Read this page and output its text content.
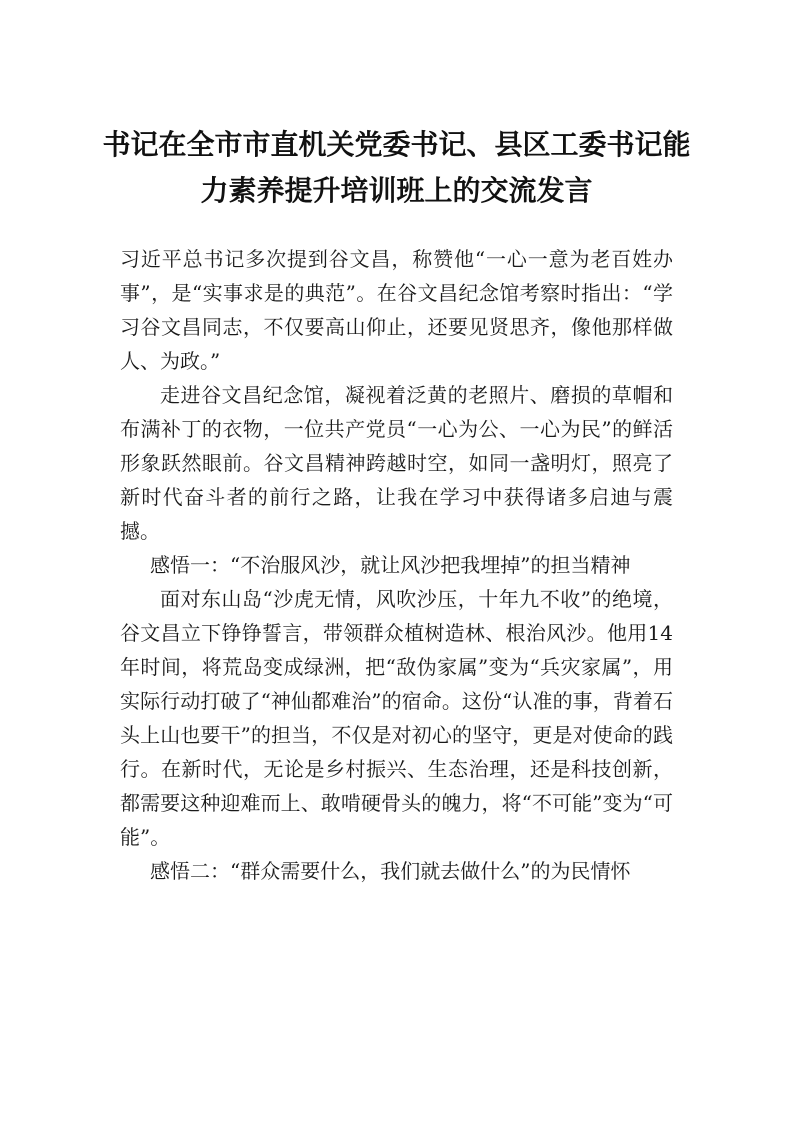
书记在全市市直机关党委书记、县区工委书记能力素养提升培训班上的交流发言

习近平总书记多次提到谷文昌，称赞他“一心一意为老百姓办事”，是“实事求是的典范”。在谷文昌纪念馆考察时指出：“学习谷文昌同志，不仅要高山仰止，还要见贤思齐，像他那样做人、为政。”

走进谷文昌纪念馆，凝视着泛黄的老照片、磨损的草帽和布满补丁的衣物，一位共产党员“一心为公、一心为民”的鲜活形象跃然眼前。谷文昌精神跨越时空，如同一盏明灯，照亮了新时代奋斗者的前行之路，让我在学习中获得诸多启迪与震撼。

感悟一：“不治服风沙，就让风沙把我埋掉”的担当精神

面对东山岛“沙虎无情，风吹沙压，十年九不收”的绝境，谷文昌立下铮铮誓言，带领群众植树造林、根治风沙。他用14年时间，将荒岛变成绿洲，把“敌伪家属”变为“兵灾家属”，用实际行动打破了“神仙都难治”的宿命。这份“认准的事，背着石头上山也要干”的担当，不仅是对初心的坚守，更是对使命的践行。在新时代，无论是乡村振兴、生态治理，还是科技创新，都需要这种迎难而上、敢啃硬骨头的魄力，将“不可能”变为“可能”。

感悟二：“群众需要什么，我们就去做什么”的为民情怀
